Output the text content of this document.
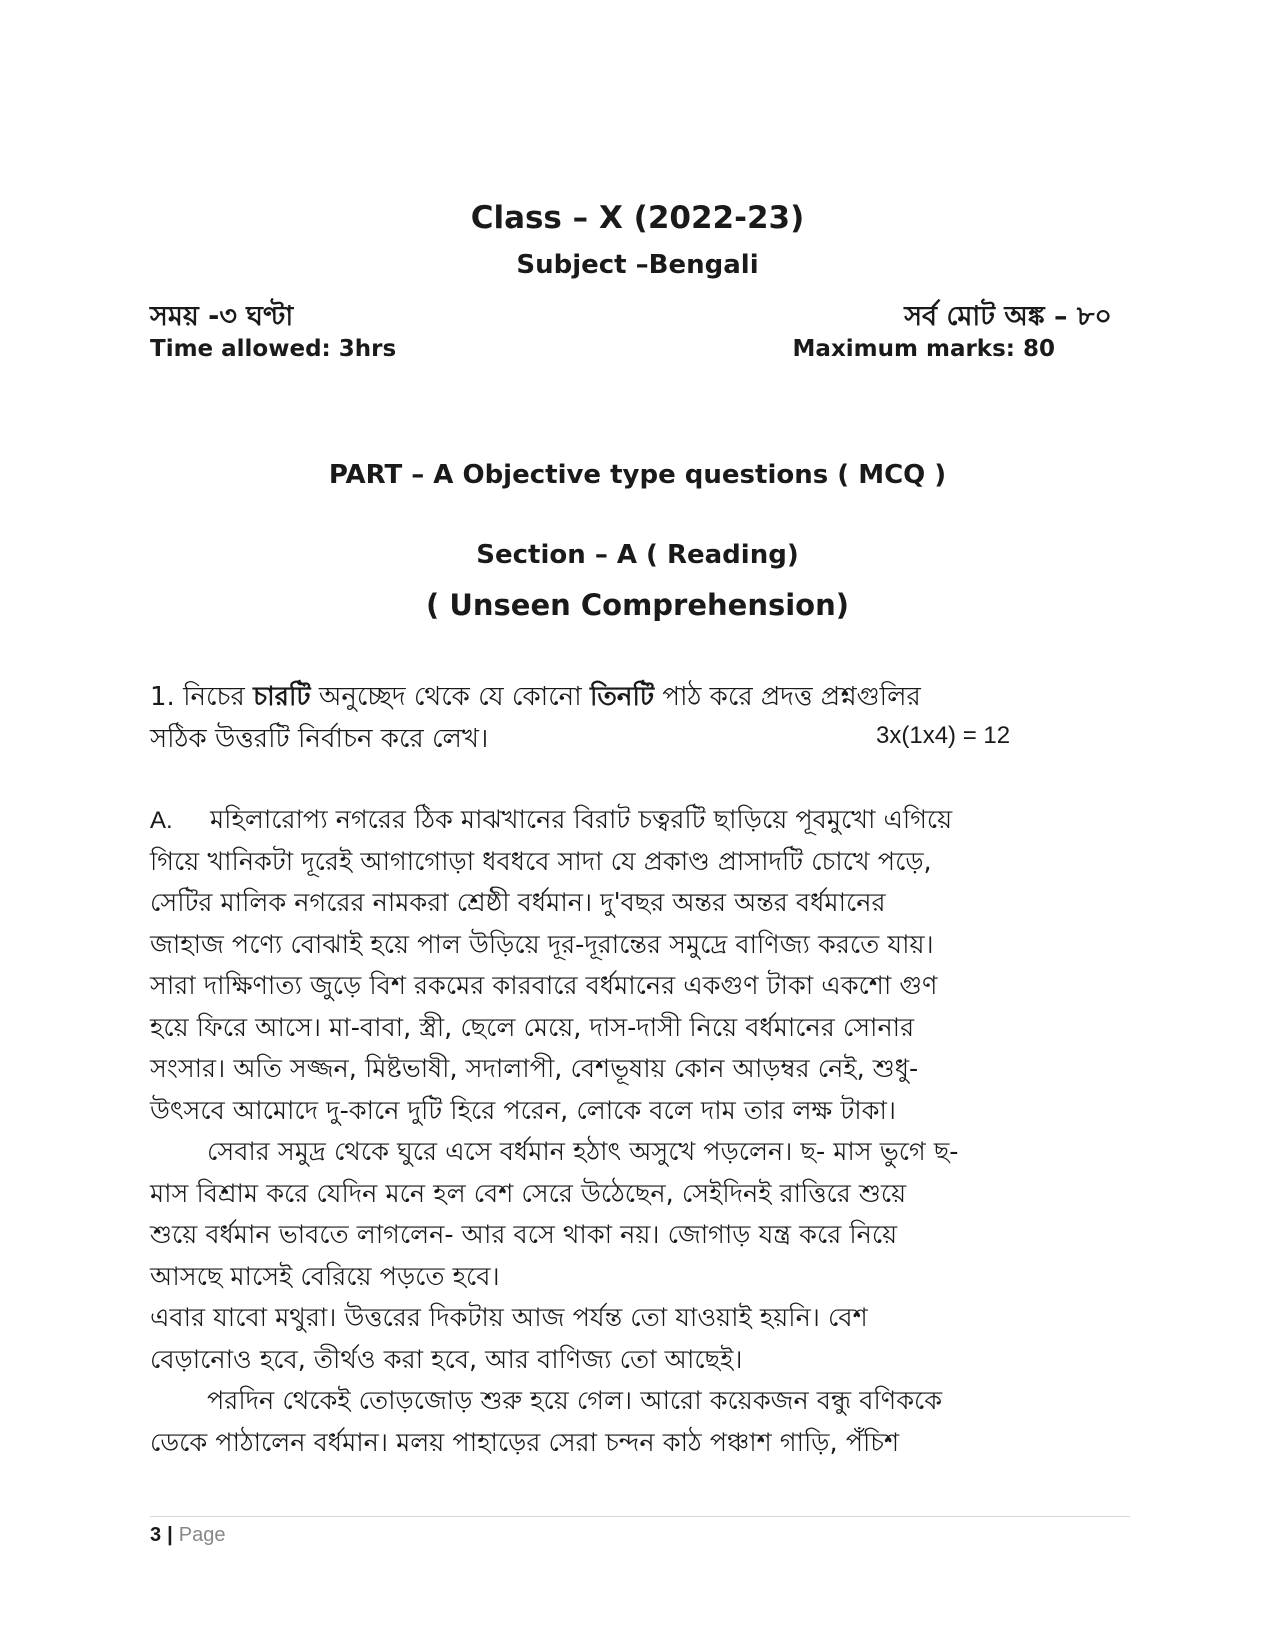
Class – X (2022-23)
Subject –Bengali
সময় -৩ ঘণ্টা	সর্ব মোট অঙ্ক – ৮০
Time allowed: 3hrs	Maximum marks: 80
PART – A Objective type questions ( MCQ )
Section – A ( Reading)
( Unseen Comprehension)
1. নিচের চারটি অনুচ্ছেদ থেকে যে কোনো তিনটি পাঠ করে প্রদত্ত প্রশ্নগুলির
সঠিক উত্তরটি নির্বাচন করে লেখ।	3x(1x4) = 12
A. মহিলারোপ্য নগরের ঠিক মাঝখানের বিরাট চত্বরটি ছাড়িয়ে পূবমুখো এগিয়ে
গিয়ে খানিকটা দূরেই আগাগোড়া ধবধবে সাদা যে প্রকাণ্ড প্রাসাদটি চোখে পড়ে,
সেটির মালিক নগরের নামকরা শ্রেষ্ঠী বর্ধমান। দু'বছর অন্তর অন্তর বর্ধমানের
জাহাজ পণ্যে বোঝাই হয়ে পাল উড়িয়ে দূর-দূরান্তের সমুদ্রে বাণিজ্য করতে যায়।
সারা দাক্ষিণাত্য জুড়ে বিশ রকমের কারবারে বর্ধমানের একগুণ টাকা একশো গুণ
হয়ে ফিরে আসে। মা-বাবা, স্ত্রী, ছেলে মেয়ে, দাস-দাসী নিয়ে বর্ধমানের সোনার
সংসার। অতি সজ্জন, মিষ্টভাষী, সদালাপী, বেশভূষায় কোন আড়ম্বর নেই, শুধু-
উৎসবে আমোদে দু-কানে দুটি হিরে পরেন, লোকে বলে দাম তার লক্ষ টাকা।
সেবার সমুদ্র থেকে ঘুরে এসে বর্ধমান হঠাৎ অসুখে পড়লেন। ছ- মাস ভুগে ছ-
মাস বিশ্রাম করে যেদিন মনে হল বেশ সেরে উঠেছেন, সেইদিনই রাত্তিরে শুয়ে
শুয়ে বর্ধমান ভাবতে লাগলেন- আর বসে থাকা নয়। জোগাড় যন্ত্র করে নিয়ে
আসছে মাসেই বেরিয়ে পড়তে হবে।
এবার যাবো মথুরা। উত্তরের দিকটায় আজ পর্যন্ত তো যাওয়াই হয়নি। বেশ
বেড়ানোও হবে, তীর্থও করা হবে, আর বাণিজ্য তো আছেই।
পরদিন থেকেই তোড়জোড় শুরু হয়ে গেল। আরো কয়েকজন বন্ধু বণিককে
ডেকে পাঠালেন বর্ধমান। মলয় পাহাড়ের সেরা চন্দন কাঠ পঞ্চাশ গাড়ি, পঁচিশ
3 | Page
